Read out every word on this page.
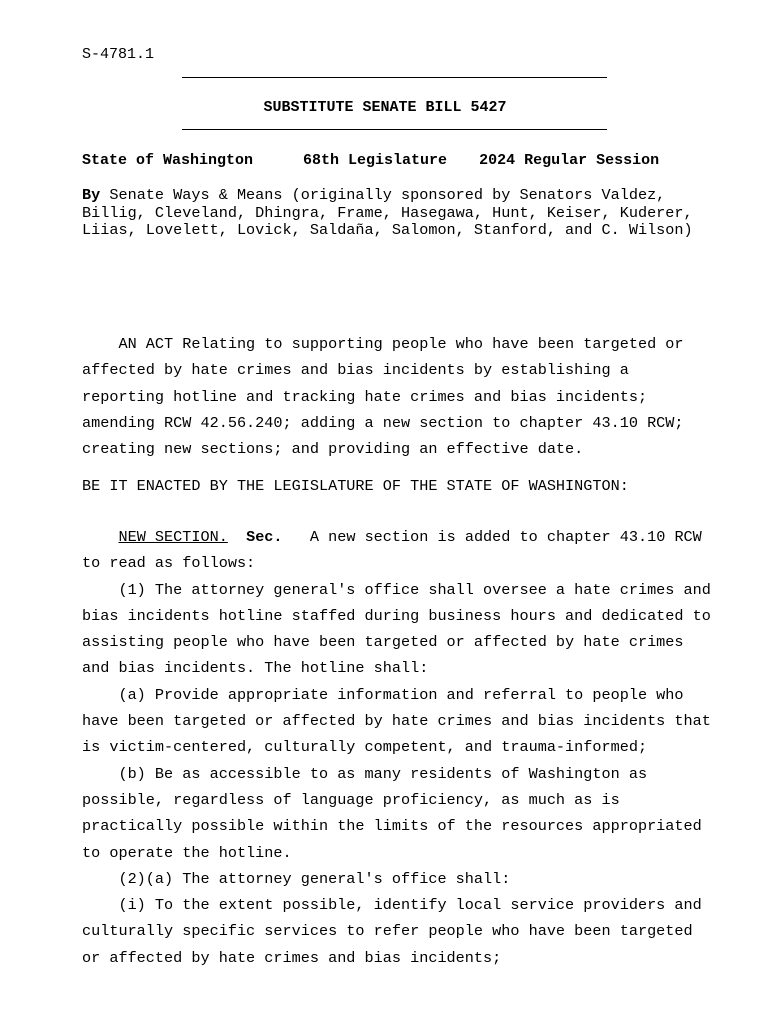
S-4781.1
SUBSTITUTE SENATE BILL 5427
State of Washington	68th Legislature 2024 Regular Session
By Senate Ways & Means (originally sponsored by Senators Valdez,
Billig, Cleveland, Dhingra, Frame, Hasegawa, Hunt, Keiser, Kuderer,
Liias, Lovelett, Lovick, Saldaña, Salomon, Stanford, and C. Wilson)
AN ACT Relating to supporting people who have been targeted or
affected by hate crimes and bias incidents by establishing a
reporting hotline and tracking hate crimes and bias incidents;
amending RCW 42.56.240; adding a new section to chapter 43.10 RCW;
creating new sections; and providing an effective date.
BE IT ENACTED BY THE LEGISLATURE OF THE STATE OF WASHINGTON:
NEW SECTION. Sec.   A new section is added to chapter 43.10 RCW
to read as follows:
(1) The attorney general's office shall oversee a hate crimes and
bias incidents hotline staffed during business hours and dedicated to
assisting people who have been targeted or affected by hate crimes
and bias incidents. The hotline shall:
(a) Provide appropriate information and referral to people who
have been targeted or affected by hate crimes and bias incidents that
is victim-centered, culturally competent, and trauma-informed;
(b) Be as accessible to as many residents of Washington as
possible, regardless of language proficiency, as much as is
practically possible within the limits of the resources appropriated
to operate the hotline.
(2)(a) The attorney general's office shall:
(i) To the extent possible, identify local service providers and
culturally specific services to refer people who have been targeted
or affected by hate crimes and bias incidents;
